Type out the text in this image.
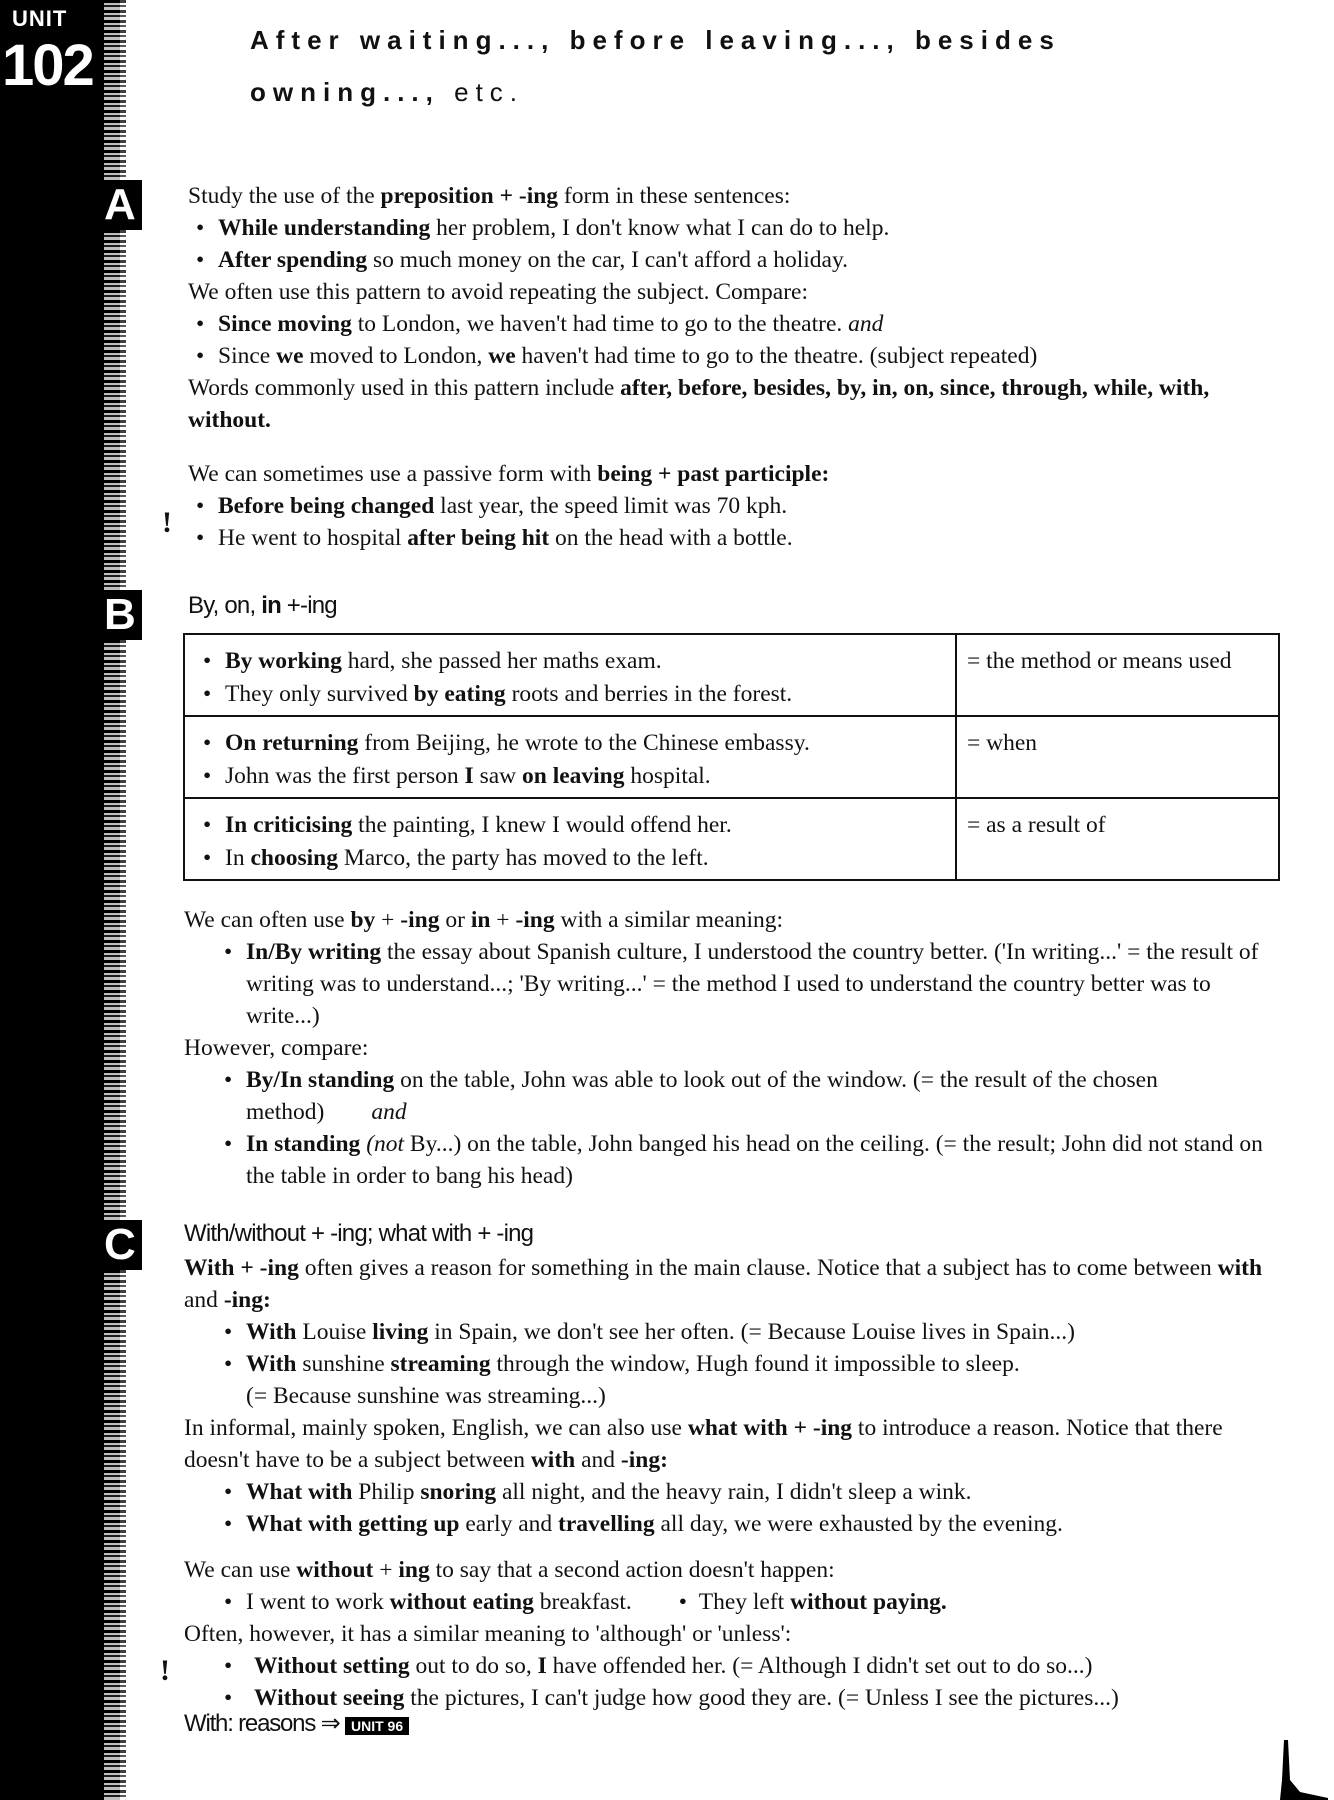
UNIT
102	After waiting..., before leaving..., besides owning..., etc.
A Study the use of the preposition + -ing form in these sentences:
• While understanding her problem, I don't know what I can do to help.
• After spending so much money on the car, I can't afford a holiday.
We often use this pattern to avoid repeating the subject. Compare:
• Since moving to London, we haven't had time to go to the theatre. and
• Since we moved to London, we haven't had time to go to the theatre. (subject repeated)
Words commonly used in this pattern include after, before, besides, by, in, on, since, through, while, with, without.
We can sometimes use a passive form with being + past participle:
• Before being changed last year, the speed limit was 70 kph.
• He went to hospital after being hit on the head with a bottle.
!
B By, on, in +-ing
• By working hard, she passed her maths exam.
• They only survived by eating roots and berries in the forest.	= the method or means used

• On returning from Beijing, he wrote to the Chinese embassy.
• John was the first person I saw on leaving hospital.	= when

• In criticising the painting, I knew I would offend her.
• In choosing Marco, the party has moved to the left.	= as a result of
We can often use by + -ing or in + -ing with a similar meaning:
• In/By writing the essay about Spanish culture, I understood the country better. ('In writing...' = the result of writing was to understand...; 'By writing...' = the method I used to understand the country better was to write...)
However, compare:
• By/In standing on the table, John was able to look out of the window. (= the result of the chosen method) and
• In standing (not By...) on the table, John banged his head on the ceiling. (= the result; John did not stand on the table in order to bang his head)
C With/without + -ing; what with + -ing
With + -ing often gives a reason for something in the main clause. Notice that a subject has to come between with and -ing:
• With Louise living in Spain, we don't see her often. (= Because Louise lives in Spain...)
• With sunshine streaming through the window, Hugh found it impossible to sleep.
(= Because sunshine was streaming...)
In informal, mainly spoken, English, we can also use what with + -ing to introduce a reason. Notice that there doesn't have to be a subject between with and -ing:
• What with Philip snoring all night, and the heavy rain, I didn't sleep a wink.
• What with getting up early and travelling all day, we were exhausted by the evening.
We can use without + ing to say that a second action doesn't happen:
• I went to work without eating breakfast.        •  They left without paying.
Often, however, it has a similar meaning to 'although' or 'unless':
• Without setting out to do so, I have offended her. (= Although I didn't set out to do so...)
• Without seeing the pictures, I can't judge how good they are. (= Unless I see the pictures...)
!
With: reasons ⇒ UNIT 96
